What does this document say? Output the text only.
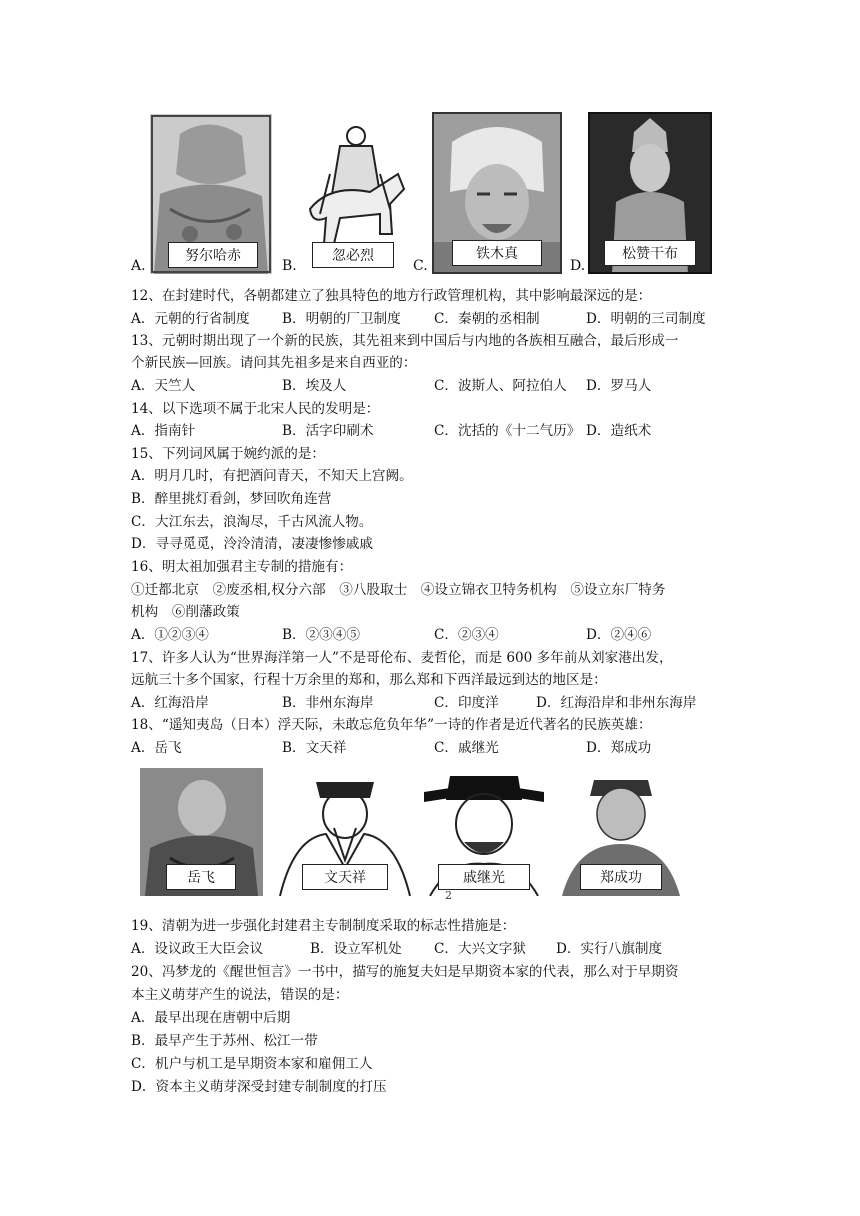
A.
努尔哈赤
B.
忽必烈
C.
铁木真
D.
松赞干布
12、在封建时代，各朝都建立了独具特色的地方行政管理机构，其中影响最深远的是：
A．元朝的行省制度 B．明朝的厂卫制度 C．秦朝的丞相制	D．明朝的三司制度
13、元朝时期出现了一个新的民族，其先祖来到中国后与内地的各族相互融合，最后形成一
个新民族—回族。请问其先祖多是来自西亚的：
A．天竺人	B．埃及人	C．波斯人、阿拉伯人 D．罗马人
14、以下选项不属于北宋人民的发明是：
A．指南针	B．活字印刷术	C．沈括的《十二气历》 D．造纸术
15、下列词风属于婉约派的是：
A．明月几时，有把酒问青天，不知天上宫阙。
B．醉里挑灯看剑，梦回吹角连营
C．大江东去，浪淘尽，千古风流人物。
D．寻寻觅觅，泠泠清清，凄凄惨惨戚戚
16、明太祖加强君主专制的措施有：
①迁都北京　②废丞相,权分六部　③八股取士　④设立锦衣卫特务机构　⑤设立东厂特务
机构　⑥削藩政策
A．①②③④	B．②③④⑤	C．②③④	D．②④⑥
17、许多人认为“世界海洋第一人”不是哥伦布、麦哲伦，而是 600 多年前从刘家港出发，
远航三十多个国家，行程十万余里的郑和，那么郑和下西洋最远到达的地区是：
A．红海沿岸	B．非州东海岸	C．印度洋	D．红海沿岸和非州东海岸
18、“遥知夷岛（日本）浮天际，未敢忘危负年华”一诗的作者是近代著名的民族英雄：
A．岳飞	B．文天祥	C．戚继光	D．郑成功
岳飞	文天祥	戚继光	郑成功
2
19、清朝为进一步强化封建君主专制制度采取的标志性措施是：
A．设议政王大臣会议	B．设立军机处 C．大兴文字狱 D．实行八旗制度
20、冯梦龙的《醒世恒言》一书中，描写的施复夫妇是早期资本家的代表，那么对于早期资
本主义萌芽产生的说法，错误的是：
A．最早出现在唐朝中后期
B．最早产生于苏州、松江一带
C．机户与机工是早期资本家和雇佣工人
D．资本主义萌芽深受封建专制制度的打压
